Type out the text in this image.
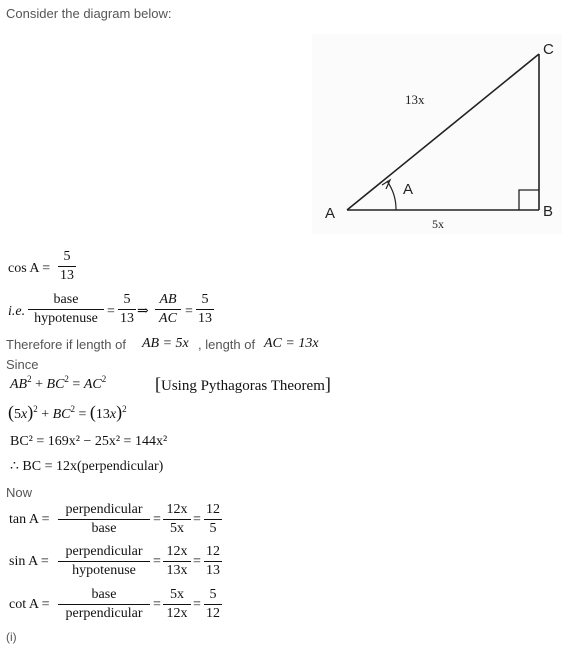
Consider the diagram below:
A	B
C
A
13x
5x
cos A =
5
13
i.e.
base
hypotenuse =
5
13 ⇒
AB
AC =
5
13
Therefore if length of AB = 5x , length of AC = 13x
Since
$AB^2 + BC^2 = AC^2$	[Using Pythagoras Theorem]
$(5x)^2 + BC^2 = (13x)^2$
BC² = 169x² − 25x² = 144x²
∴ BC = 12x(perpendicular)
Now
tan A =
perpendicular
base
=
12x
5x
=
12
5
sin A =
perpendicular
hypotenuse
=
12x
13x
=
12
13
cot A =
base
perpendicular
=
5x
12x
=
5
12
(i)
